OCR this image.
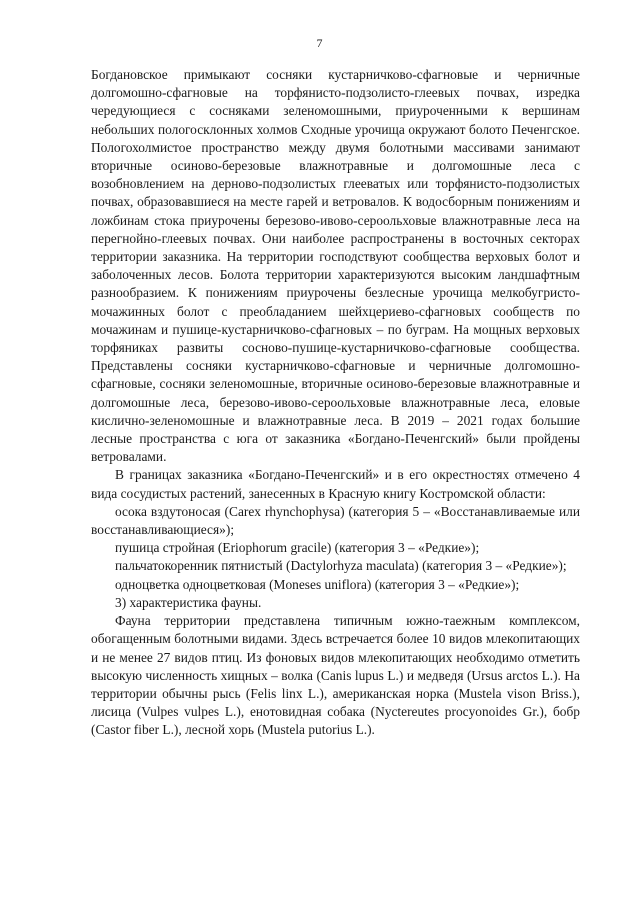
7

Богдановское примыкают сосняки кустарничково-сфагновые и черничные долгомошно-сфагновые на торфянисто-подзолисто-глеевых почвах, изредка чередующиеся с сосняками зеленомошными, приуроченными к вершинам небольших пологосклонных холмов Сходные урочища окружают болото Печенгское. Пологохолмистое пространство между двумя болотными массивами занимают вторичные осиново-березовые влажнотравные и долгомошные леса с возобновлением на дерново-подзолистых глееватых или торфянисто-подзолистых почвах, образовавшиеся на месте гарей и ветровалов. К водосборным понижениям и ложбинам стока приурочены березово-ивово-сероольховые влажнотравные леса на перегнойно-глеевых почвах. Они наиболее распространены в восточных секторах территории заказника. На территории господствуют сообщества верховых болот и заболоченных лесов. Болота территории характеризуются высоким ландшафтным разнообразием. К понижениям приурочены безлесные урочища мелкобугристо-мочажинных болот с преобладанием шейхцериево-сфагновых сообществ по мочажинам и пушице-кустарничково-сфагновых – по буграм. На мощных верховых торфяниках развиты сосново-пушице-кустарничково-сфагновые сообщества. Представлены сосняки кустарничково-сфагновые и черничные долгомошно-сфагновые, сосняки зеленомошные, вторичные осиново-березовые влажнотравные и долгомошные леса, березово-ивово-сероольховые влажнотравные леса, еловые кислично-зеленомошные и влажнотравные леса. В 2019 – 2021 годах большие лесные пространства с юга от заказника «Богдано-Печенгский» были пройдены ветровалами.

В границах заказника «Богдано-Печенгский» и в его окрестностях отмечено 4 вида сосудистых растений, занесенных в Красную книгу Костромской области:

осока вздутоносая (Carex rhynchophysa) (категория 5 – «Восстанавливаемые или восстанавливающиеся»);

пушица стройная (Eriophorum gracile) (категория 3 – «Редкие»);

пальчатокоренник пятнистый (Dactylorhyza maculata) (категория 3 – «Редкие»);

одноцветка одноцветковая (Moneses uniflora) (категория 3 – «Редкие»);

3) характеристика фауны.

Фауна территории представлена типичным южно-таежным комплексом, обогащенным болотными видами. Здесь встречается более 10 видов млекопитающих и не менее 27 видов птиц. Из фоновых видов млекопитающих необходимо отметить высокую численность хищных – волка (Canis lupus L.) и медведя (Ursus arctos L.). На территории обычны рысь (Felis linx L.), американская норка (Mustela vison Briss.), лисица (Vulpes vulpes L.), енотовидная собака (Nyctereutes procyonoides Gr.), бобр (Castor fiber L.), лесной хорь (Mustela putorius L.).
